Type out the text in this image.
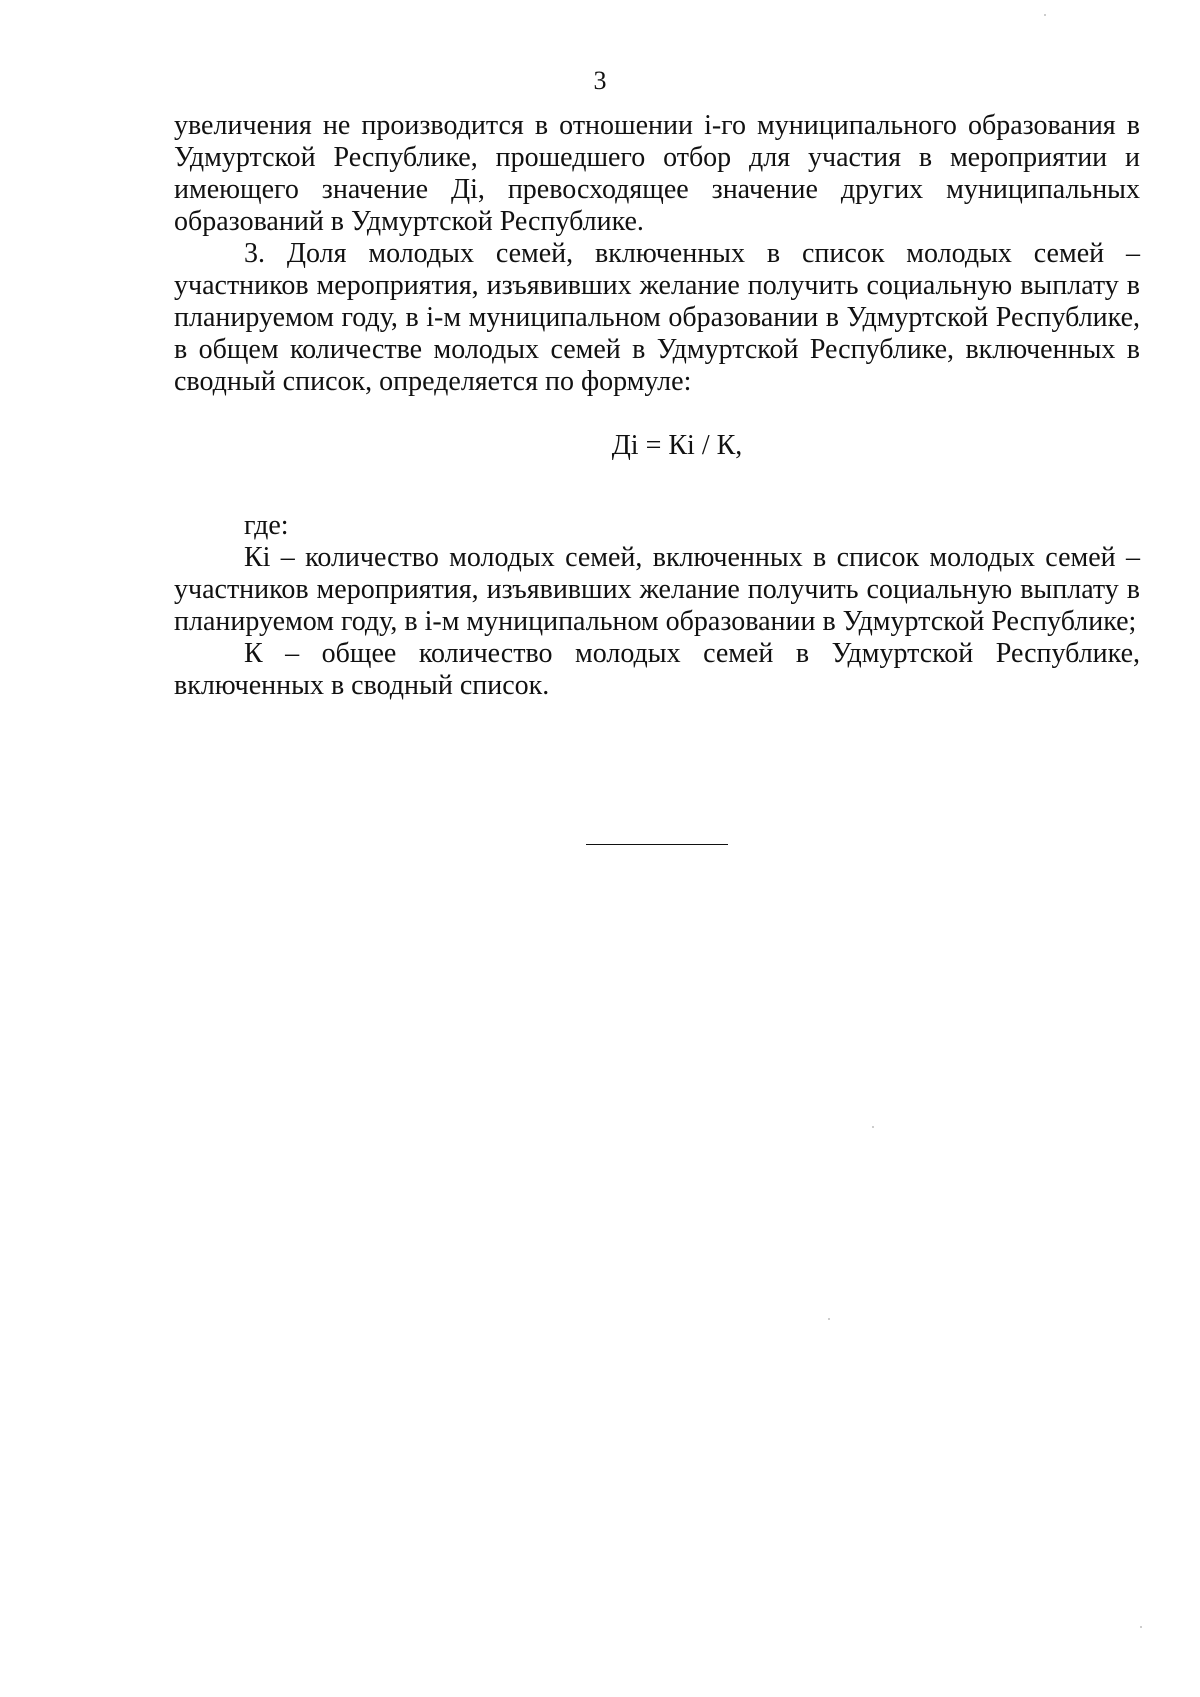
3

увеличения не производится в отношении i-го муниципального образования в Удмуртской Республике, прошедшего отбор для участия в мероприятии и имеющего значение Дi, превосходящее значение других муниципальных образований в Удмуртской Республике.

3. Доля молодых семей, включенных в список молодых семей – участников мероприятия, изъявивших желание получить социальную выплату в планируемом году, в i-м муниципальном образовании в Удмуртской Республике, в общем количестве молодых семей в Удмуртской Республике, включенных в сводный список, определяется по формуле:

Дi = Кi / К,

где:

Кi – количество молодых семей, включенных в список молодых семей – участников мероприятия, изъявивших желание получить социальную выплату в планируемом году, в i-м муниципальном образовании в Удмуртской Республике;

К – общее количество молодых семей в Удмуртской Республике, включенных в сводный список.
